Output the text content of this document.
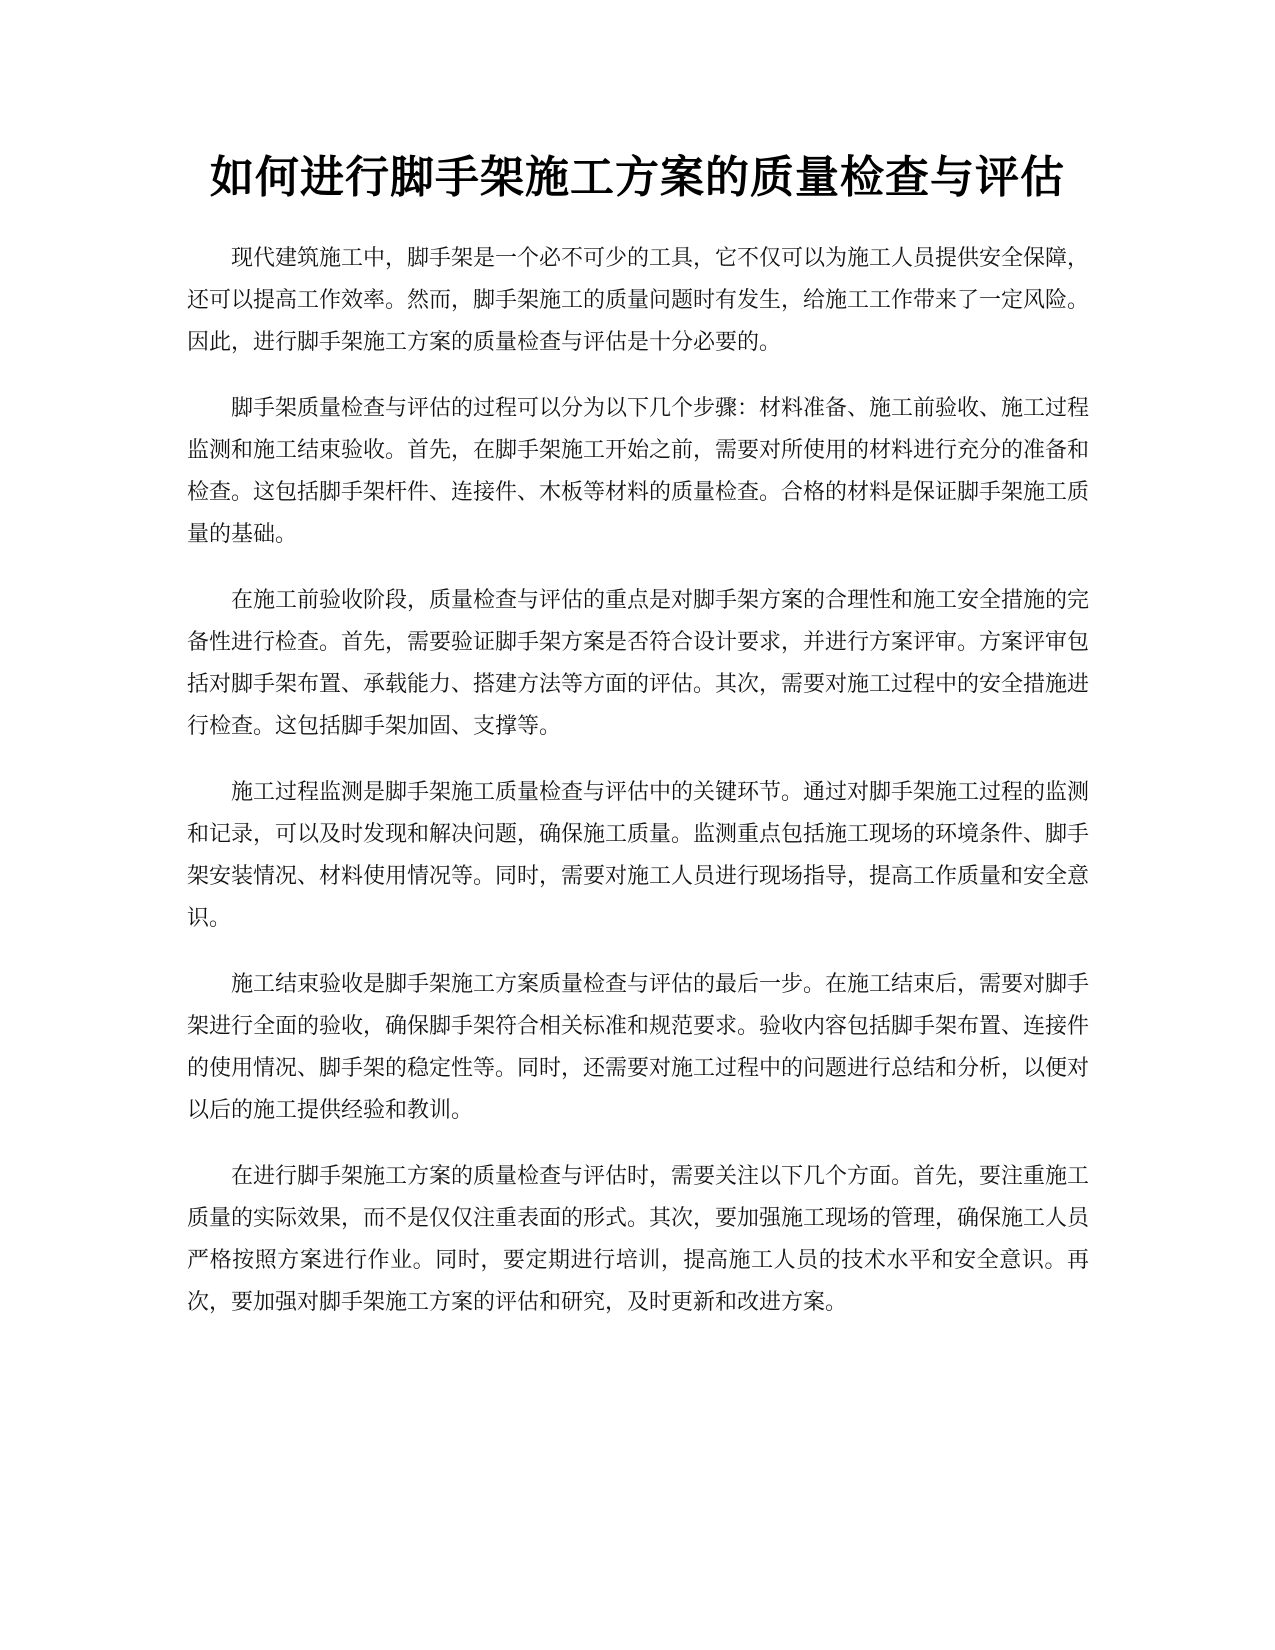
如何进行脚手架施工方案的质量检查与评估

现代建筑施工中，脚手架是一个必不可少的工具，它不仅可以为施工人员提供安全保障，还可以提高工作效率。然而，脚手架施工的质量问题时有发生，给施工工作带来了一定风险。因此，进行脚手架施工方案的质量检查与评估是十分必要的。

脚手架质量检查与评估的过程可以分为以下几个步骤：材料准备、施工前验收、施工过程监测和施工结束验收。首先，在脚手架施工开始之前，需要对所使用的材料进行充分的准备和检查。这包括脚手架杆件、连接件、木板等材料的质量检查。合格的材料是保证脚手架施工质量的基础。

在施工前验收阶段，质量检查与评估的重点是对脚手架方案的合理性和施工安全措施的完备性进行检查。首先，需要验证脚手架方案是否符合设计要求，并进行方案评审。方案评审包括对脚手架布置、承载能力、搭建方法等方面的评估。其次，需要对施工过程中的安全措施进行检查。这包括脚手架加固、支撑等。

施工过程监测是脚手架施工质量检查与评估中的关键环节。通过对脚手架施工过程的监测和记录，可以及时发现和解决问题，确保施工质量。监测重点包括施工现场的环境条件、脚手架安装情况、材料使用情况等。同时，需要对施工人员进行现场指导，提高工作质量和安全意识。

施工结束验收是脚手架施工方案质量检查与评估的最后一步。在施工结束后，需要对脚手架进行全面的验收，确保脚手架符合相关标准和规范要求。验收内容包括脚手架布置、连接件的使用情况、脚手架的稳定性等。同时，还需要对施工过程中的问题进行总结和分析，以便对以后的施工提供经验和教训。

在进行脚手架施工方案的质量检查与评估时，需要关注以下几个方面。首先，要注重施工质量的实际效果，而不是仅仅注重表面的形式。其次，要加强施工现场的管理，确保施工人员严格按照方案进行作业。同时，要定期进行培训，提高施工人员的技术水平和安全意识。再次，要加强对脚手架施工方案的评估和研究，及时更新和改进方案。
